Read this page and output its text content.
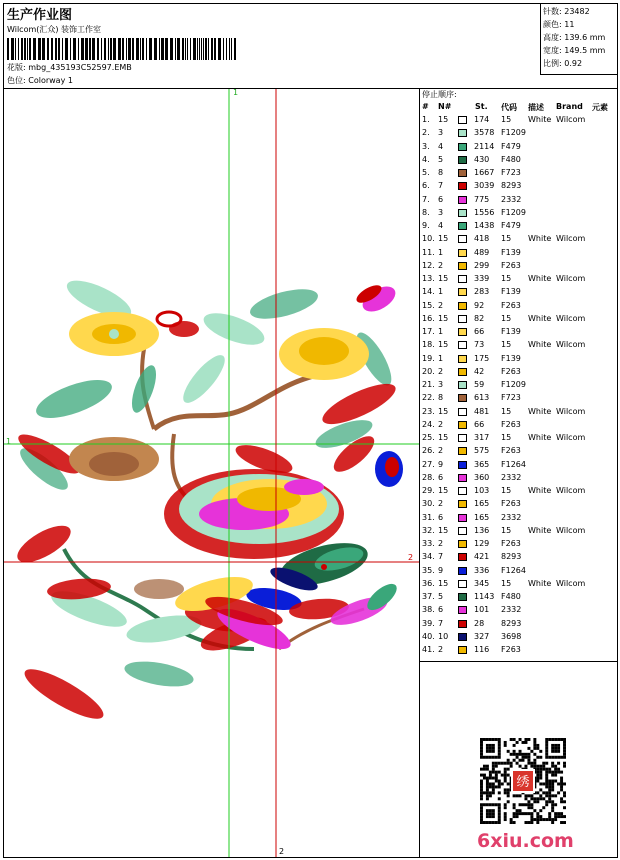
生产作业图
Wilcom(汇众) 装饰工作室
花版: mbg_435193C52597.EMB
色位: Colorway 1
针数: 23482
颜色: 11
高度: 139.6 mm
宽度: 149.5 mm
比例: 0.92
1
1
2
2
停止顺序:
# N#	St. 代码 描述 Brand 元素
1. 15	174 15 White Wilcom
2. 3	3578 F1209
3. 4	2114 F479
4. 5	430 F480
5. 8	1667 F723
6. 7	3039 8293
7. 6	775 2332
8. 3	1556 F1209
9. 4	1438 F479
10. 15	418 15 White Wilcom
11. 1	489 F139
12. 2	299 F263
13. 15	339 15 White Wilcom
14. 1	283 F139
15. 2	92 F263
16. 15	82 15 White Wilcom
17. 1	66 F139
18. 15	73 15 White Wilcom
19. 1	175 F139
20. 2	42 F263
21. 3	59 F1209
22. 8	613 F723
23. 15	481 15 White Wilcom
24. 2	66 F263
25. 15	317 15 White Wilcom
26. 2	575 F263
27. 9	365 F1264
28. 6	360 2332
29. 15	103 15 White Wilcom
30. 2	165 F263
31. 6	165 2332
32. 15	136 15 White Wilcom
33. 2	129 F263
34. 7	421 8293
35. 9	336 F1264
36. 15	345 15 White Wilcom
37. 5	1143 F480
38. 6	101 2332
39. 7	28 8293
40. 10	327 3698
41. 2	116 F263
绣
6xiu.com
